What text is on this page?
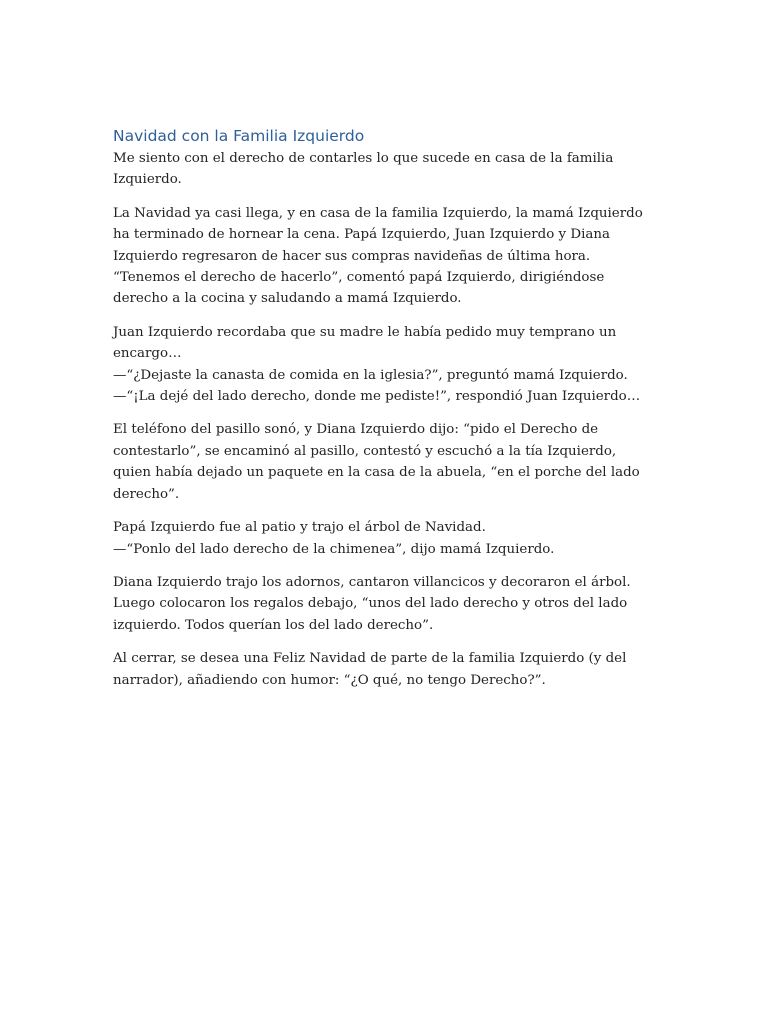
Navidad con la Familia Izquierdo

Me siento con el derecho de contarles lo que sucede en casa de la familia Izquierdo.

La Navidad ya casi llega, y en casa de la familia Izquierdo, la mamá Izquierdo ha terminado de hornear la cena. Papá Izquierdo, Juan Izquierdo y Diana Izquierdo regresaron de hacer sus compras navideñas de última hora. “Tenemos el derecho de hacerlo”, comentó papá Izquierdo, dirigiéndose derecho a la cocina y saludando a mamá Izquierdo.

Juan Izquierdo recordaba que su madre le había pedido muy temprano un encargo…
—“¿Dejaste la canasta de comida en la iglesia?”, preguntó mamá Izquierdo.
—“¡La dejé del lado derecho, donde me pediste!”, respondió Juan Izquierdo…

El teléfono del pasillo sonó, y Diana Izquierdo dijo: “pido el Derecho de contestarlo”, se encaminó al pasillo, contestó y escuchó a la tía Izquierdo, quien había dejado un paquete en la casa de la abuela, “en el porche del lado derecho”.

Papá Izquierdo fue al patio y trajo el árbol de Navidad.
—“Ponlo del lado derecho de la chimenea”, dijo mamá Izquierdo.

Diana Izquierdo trajo los adornos, cantaron villancicos y decoraron el árbol. Luego colocaron los regalos debajo, “unos del lado derecho y otros del lado izquierdo. Todos querían los del lado derecho”.

Al cerrar, se desea una Feliz Navidad de parte de la familia Izquierdo (y del narrador), añadiendo con humor: “¿O qué, no tengo Derecho?”.
